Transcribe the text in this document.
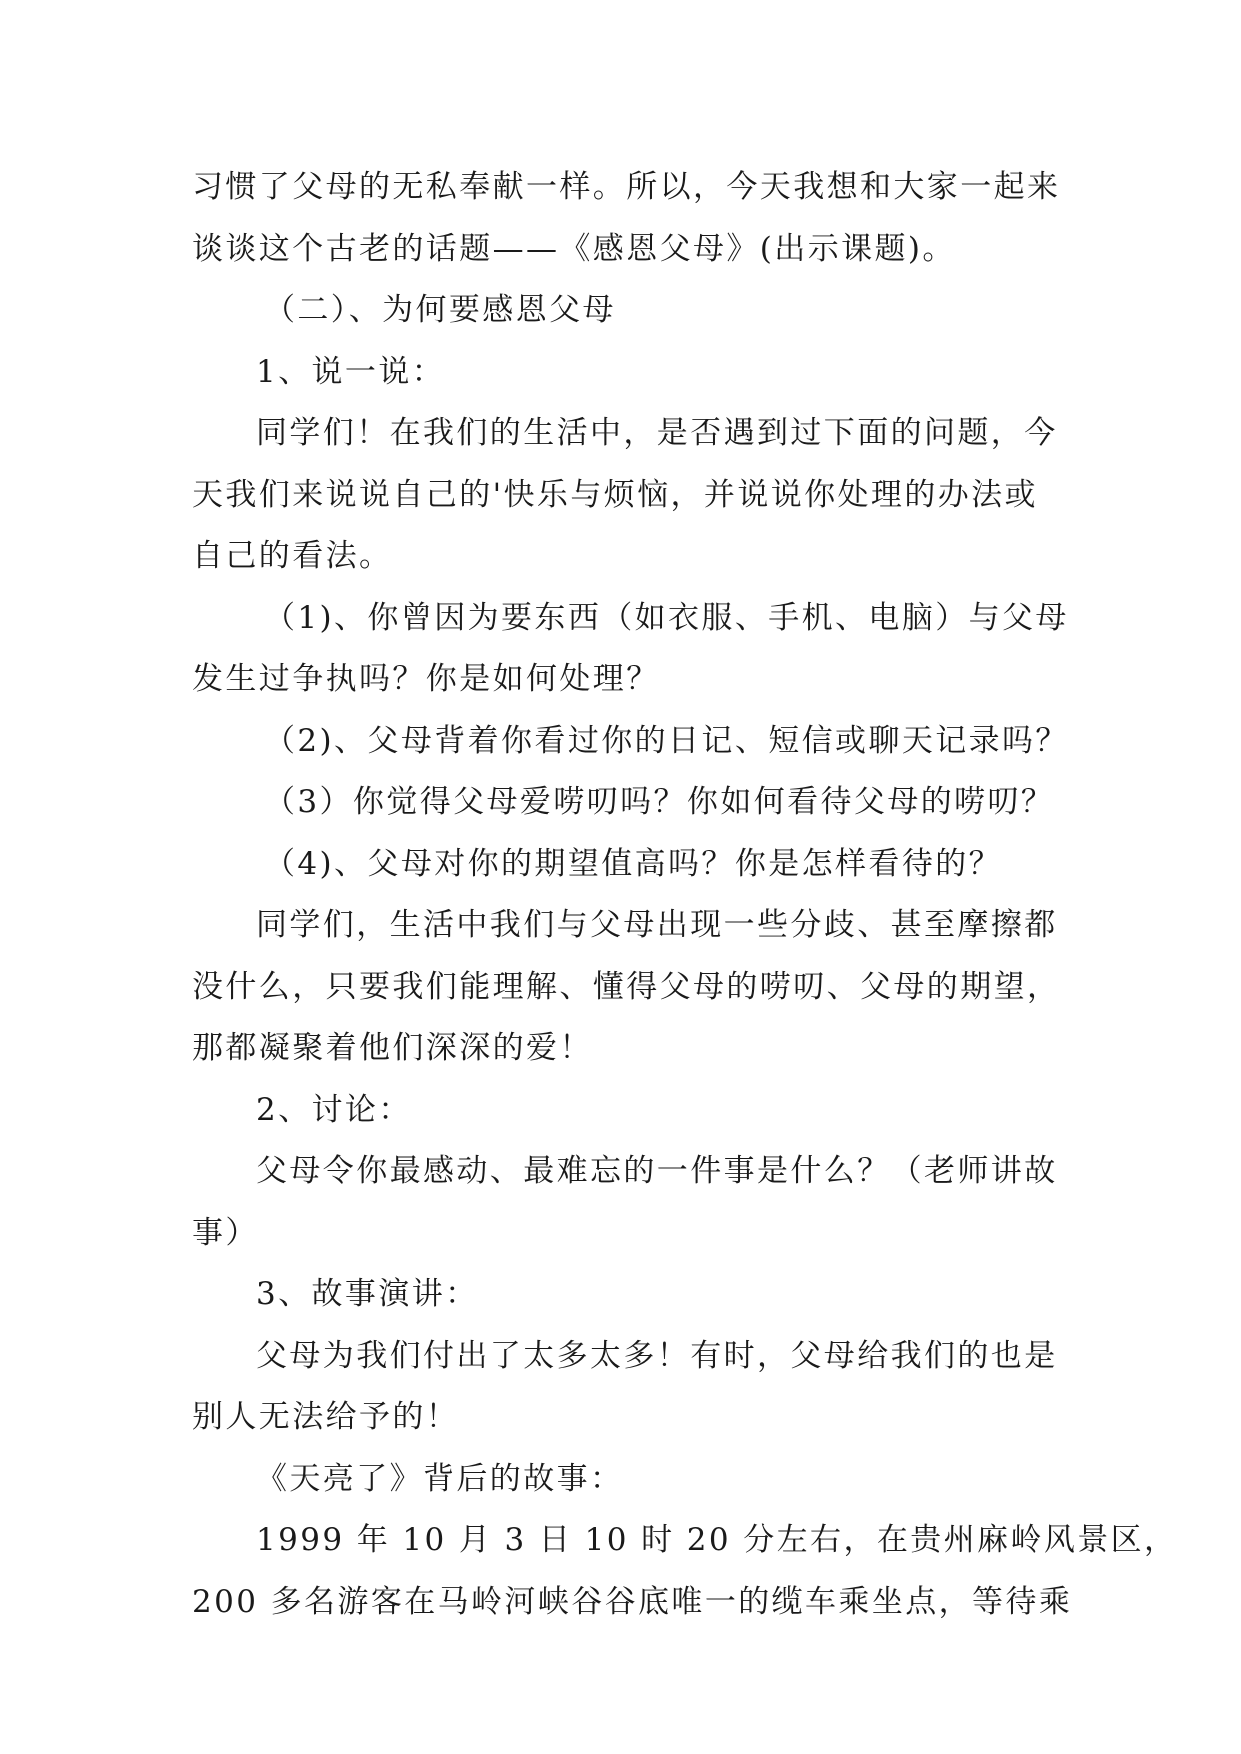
习惯了父母的无私奉献一样。所以，今天我想和大家一起来
谈谈这个古老的话题——《感恩父母》(出示课题)。
（二）、为何要感恩父母
1、说一说：
同学们！在我们的生活中，是否遇到过下面的问题，今
天我们来说说自己的'快乐与烦恼，并说说你处理的办法或
自己的看法。
（1)、你曾因为要东西（如衣服、手机、电脑）与父母
发生过争执吗？你是如何处理？
（2)、父母背着你看过你的日记、短信或聊天记录吗？
（3）你觉得父母爱唠叨吗？你如何看待父母的唠叨？
（4)、父母对你的期望值高吗？你是怎样看待的？
同学们，生活中我们与父母出现一些分歧、甚至摩擦都
没什么，只要我们能理解、懂得父母的唠叨、父母的期望，
那都凝聚着他们深深的爱！
2、讨论：
父母令你最感动、最难忘的一件事是什么？（老师讲故
事）
3、故事演讲：
父母为我们付出了太多太多！有时，父母给我们的也是
别人无法给予的！
《天亮了》背后的故事：
1999 年 10 月 3 日 10 时 20 分左右，在贵州麻岭风景区，
200 多名游客在马岭河峡谷谷底唯一的缆车乘坐点，等待乘
